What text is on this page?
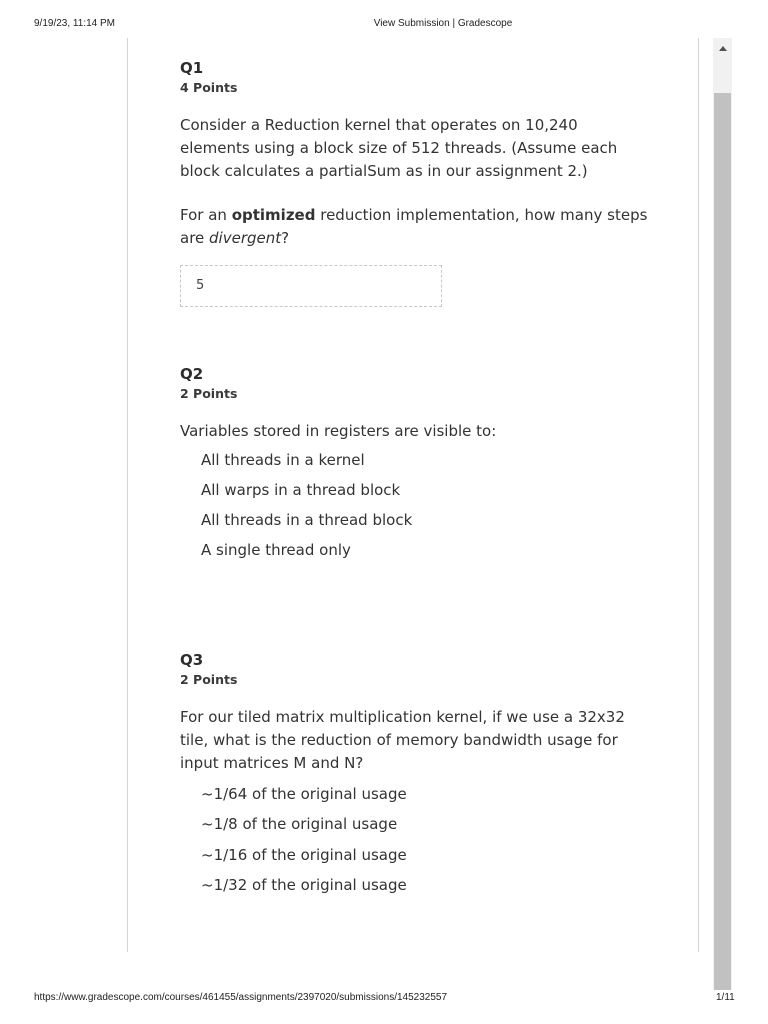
9/19/23, 11:14 PM	View Submission | Gradescope
Q1
4 Points
Consider a Reduction kernel that operates on 10,240 elements using a block size of 512 threads. (Assume each block calculates a partialSum as in our assignment 2.)
For an optimized reduction implementation, how many steps are divergent?
5
Q2
2 Points
Variables stored in registers are visible to:
All threads in a kernel
All warps in a thread block
All threads in a thread block
A single thread only
Q3
2 Points
For our tiled matrix multiplication kernel, if we use a 32x32 tile, what is the reduction of memory bandwidth usage for input matrices M and N?
~1/64 of the original usage
~1/8 of the original usage
~1/16 of the original usage
~1/32 of the original usage
https://www.gradescope.com/courses/461455/assignments/2397020/submissions/145232557	1/11
